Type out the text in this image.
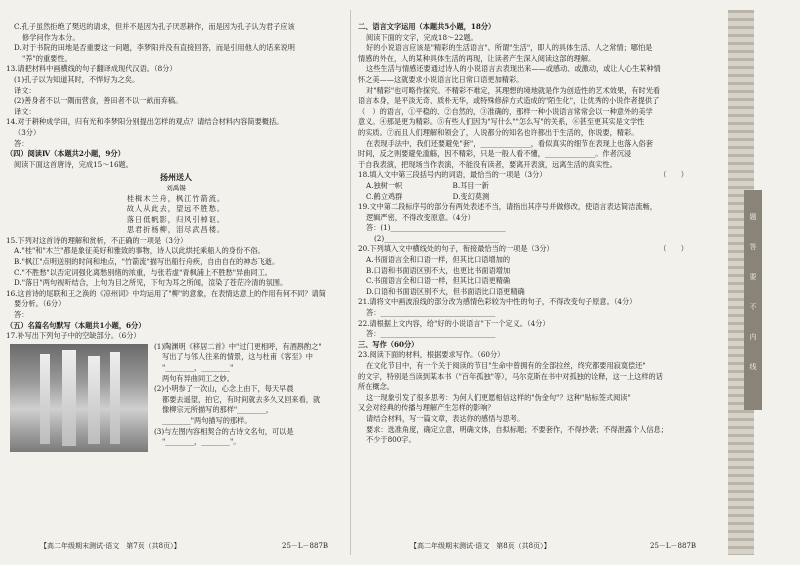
C.孔子虽然拒绝了樊迟的请求，但并不是因为孔子厌恶耕作，而是因为孔子认为君子应该
修学问作为本分。
D.对于书院的田地是否重要这一问题，李梦阳并没有直接回答，而是引用他人的话来说明
"养"的重要性。
13.请把材料中画横线的句子翻译成现代汉语。（8分）
(1)孔子以为知道其时，不悍好为之矣。
译文：
(2)善身者不以一隅而营食，善田者不以一畝而弃稿。
译文：
14.对于耕种成学田，归有光和李梦阳分别提出怎样的观点？请结合材料内容简要概括。
（3分）
答：
（四）阅读Ⅳ（本题共2小题，9分）
阅读下面这首唐诗，完成15～16题。
扬州送人
刘禹锡
桂楫木兰舟，枫江竹箭流。
故人从此去，望远不胜愁。
落日低帆影，归风引棹讴。
思君折杨柳，泪尽武昌楼。
15.下列对这首诗的理解和赏析，不正确的一项是（3分）
A."桂"和"木兰"都是象征美好和雅致的事物，诗人以此烘托乘船人的身份不俗。
B."枫江"点明送别的时间和地点，"竹箭流"描写出船行舟疾，自由自在的神态飞逝。
C."不胜愁"以否定词强化离愁别绪的浓重，与张若虚"青枫浦上不胜愁"异曲同工。
D."落日"两句视听结合，上句为目之所见，下句为耳之所闻，渲染了苍茫冷清的氛围。
16.这首诗的尾联和王之涣的《凉州词》中均运用了"柳"的意象，在表情达意上的作用有何不同？请简
要分析。（6分）
答：
（五）名篇名句默写（本题共1小题，6分）
17.补写出下列句子中的空缺部分。（6分）
(1)陶渊明《移居二首》中"过门更相呼，有酒斟酌之"
写出了与邻人往来的情景，这与杜甫《客至》中
"________，________"
两句有异曲同工之妙。
(2)小明参了一次山，心念上由下，每天早晨
都要去遥望，拍它，有时间就去多久又回来看，就
像柳宗元所描写的那样"________，
________"两句描写的那样。
(3)与左图内容相契合的古诗文名句，可以是
"________，________"。
二、语言文字运用（本题共5小题，18分）
阅读下面的文字，完成18～22题。
好的小说语言应该是"精彩的生活语言"。所谓"生活"，即人的具体生活、人之常情；哪怕是
情感的外在，人的某种具体生活的再现，让读者产生深入阅读这部的理解。
这些生活与情感还要通过诗人的小说语言去表现出来——或感动、或激动，或让人心生某种情
怀之美——这就要求小说语言比日常口语更加精彩。
对"精彩"也可略作探究。不精彩不难定，其理想的境地就是作为创造性的艺术效果，有时光看
语言本身，是平淡无奇、质朴无华，或特殊修辞方式造成的"陌生化"，让优秀的小说作者提供了
（　）的语言，①平稳的、②自然的，③准确的，那样一种小说语言常常会以一种意外的美学
意义。④那是更为精彩。⑤有些人们因为"写什么""怎么写"的关系，⑥甚至更其实是文学性
的实质。⑦而且人们理解和领会了，人说都分的知名也许都出于生活的，你说要，精彩。
在表现手法中，我们还要避免"套"，______________，看似真实的细节在表现上也落入俗套
时间，反之则要避免滥觞，因不精彩，只是一般人看不懂，______________。作者沉浸
于自我表演，把现场当作表演，不能没有读者，要离开表演，远离生活的真实性。
18.填入文中第三段括号内的词语，最恰当的一项是（3分）	（　　）
A.独树一帜　　　　　　　B.耳目一新
C.鹤立鸡群　　　　　　　D.变幻莫测
19.文中第二段标序号的部分有两处表述不当，请指出其序号并做修改，使语言表达简洁流畅，
逻辑严密，不得改变原意。（4分）
答：(1)________________________________
(2)________________________________
20.下列填入文中横线处的句子，衔接最恰当的一项是（3分）	（　　）
A.书面语言全和口语一样，但其比口语增加的
B.口语和书面语区别不大，也更比书面语增加
C.书面语言全和口语一样，但其比口语更精确
D.口语和书面语区别不大，但书面语比口语更精确
21.请将文中画波浪线的部分改为感情色彩较为中性的句子，不得改变句子原意。（4分）
答：________________________________
22.请根据上文内容，给"好的小说语言"下一个定义。（4分）
答：________________________________
三、写作（60分）
23.阅读下面的材料，根据要求写作。（60分）
在文化节目中，有一个关于阅读的节目"生命中曾拥有的全部拉丝，终究都要用寂寞偿还"
的文字，特别是当读到某本书（"百年孤独"等），马尔克斯在书中对孤独的诠释，这一上这样的话
所在概念。
这一现象引发了很多思考：为何人们更愿相信这样的"伪金句"？这种"贴标签式阅读"
又会对经典的传播与理解产生怎样的影响？
请结合材料，写一篇文章，表达你的感悟与思考。
要求：选准角度，确定立意，明确文体，自拟标题；不要套作，不得抄袭；不得泄露个人信息；
不少于800字。
【高二年级期末测试·语文　第7页（共8页）】	25－L－887B	【高二年级期末测试·语文　第8页（共8页）】	25－L－887B
题
答
要
不
内
线
